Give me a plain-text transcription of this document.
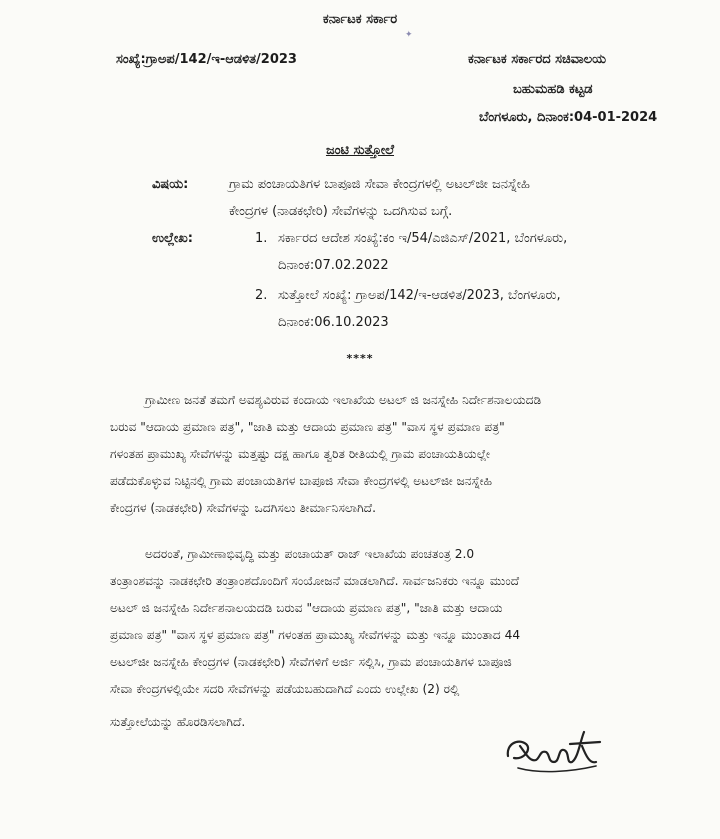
ಕರ್ನಾಟಕ ಸರ್ಕಾರ
✦
ಸಂಖ್ಯೆ:ಗ್ರಾಅಪ/142/ಇ-ಆಡಳಿತ/2023	ಕರ್ನಾಟಕ ಸರ್ಕಾರದ ಸಚಿವಾಲಯ
ಬಹುಮಹಡಿ ಕಟ್ಟಡ
ಬೆಂಗಳೂರು, ದಿನಾಂಕ:04-01-2024
ಜಂಟಿ ಸುತ್ತೋಲೆ
ವಿಷಯ:	ಗ್ರಾಮ ಪಂಚಾಯತಿಗಳ ಬಾಪೂಜಿ ಸೇವಾ ಕೇಂದ್ರಗಳಲ್ಲಿ ಅಟಲ್‌ಜೀ ಜನಸ್ನೇಹಿ
ಕೇಂದ್ರಗಳ (ನಾಡಕಛೇರಿ) ಸೇವೆಗಳನ್ನು ಒದಗಿಸುವ ಬಗ್ಗೆ.
ಉಲ್ಲೇಖ:	1. ಸರ್ಕಾರದ ಆದೇಶ ಸಂಖ್ಯೆ:ಕಂ ಇ/54/ಎಜಿಎಸ್/2021, ಬೆಂಗಳೂರು,
ದಿನಾಂಕ:07.02.2022
2. ಸುತ್ತೋಲೆ ಸಂಖ್ಯೆ: ಗ್ರಾಅಪ/142/ಇ-ಆಡಳಿತ/2023, ಬೆಂಗಳೂರು,
ದಿನಾಂಕ:06.10.2023
****
ಗ್ರಾಮೀಣ ಜನತೆ ತಮಗೆ ಅವಶ್ಯವಿರುವ ಕಂದಾಯ ಇಲಾಖೆಯ ಅಟಲ್ ಜಿ ಜನಸ್ನೇಹಿ ನಿರ್ದೇಶನಾಲಯದಡಿ
ಬರುವ "ಆದಾಯ ಪ್ರಮಾಣ ಪತ್ರ", "ಜಾತಿ ಮತ್ತು ಆದಾಯ ಪ್ರಮಾಣ ಪತ್ರ" "ವಾಸ ಸ್ಥಳ ಪ್ರಮಾಣ ಪತ್ರ"
ಗಳಂತಹ ಪ್ರಾಮುಖ್ಯ ಸೇವೆಗಳನ್ನು ಮತ್ತಷ್ಟು ದಕ್ಷ ಹಾಗೂ ತ್ವರಿತ ರೀತಿಯಲ್ಲಿ ಗ್ರಾಮ ಪಂಚಾಯತಿಯಲ್ಲೇ
ಪಡೆದುಕೊಳ್ಳುವ ನಿಟ್ಟಿನಲ್ಲಿ ಗ್ರಾಮ ಪಂಚಾಯತಿಗಳ ಬಾಪೂಜಿ ಸೇವಾ ಕೇಂದ್ರಗಳಲ್ಲಿ ಅಟಲ್‌ಜೀ ಜನಸ್ನೇಹಿ
ಕೇಂದ್ರಗಳ (ನಾಡಕಛೇರಿ) ಸೇವೆಗಳನ್ನು ಒದಗಿಸಲು ತೀರ್ಮಾನಿಸಲಾಗಿದೆ.
ಅದರಂತೆ, ಗ್ರಾಮೀಣಾಭಿವೃದ್ಧಿ ಮತ್ತು ಪಂಚಾಯತ್ ರಾಜ್ ಇಲಾಖೆಯ ಪಂಚತಂತ್ರ 2.0
ತಂತ್ರಾಂಶವನ್ನು ನಾಡಕಛೇರಿ ತಂತ್ರಾಂಶದೊಂದಿಗೆ ಸಂಯೋಜನೆ ಮಾಡಲಾಗಿದೆ. ಸಾರ್ವಜನಿಕರು ಇನ್ನೂ ಮುಂದೆ
ಅಟಲ್ ಜಿ ಜನಸ್ನೇಹಿ ನಿರ್ದೇಶನಾಲಯದಡಿ ಬರುವ "ಆದಾಯ ಪ್ರಮಾಣ ಪತ್ರ", "ಜಾತಿ ಮತ್ತು ಆದಾಯ
ಪ್ರಮಾಣ ಪತ್ರ" "ವಾಸ ಸ್ಥಳ ಪ್ರಮಾಣ ಪತ್ರ" ಗಳಂತಹ ಪ್ರಾಮುಖ್ಯ ಸೇವೆಗಳನ್ನು ಮತ್ತು ಇನ್ನೂ ಮುಂತಾದ 44
ಅಟಲ್‌ಜೀ ಜನಸ್ನೇಹಿ ಕೇಂದ್ರಗಳ (ನಾಡಕಛೇರಿ) ಸೇವೆಗಳಿಗೆ ಅರ್ಜಿ ಸಲ್ಲಿಸಿ, ಗ್ರಾಮ ಪಂಚಾಯತಿಗಳ ಬಾಪೂಜಿ
ಸೇವಾ ಕೇಂದ್ರಗಳಲ್ಲಿಯೇ ಸದರಿ ಸೇವೆಗಳನ್ನು ಪಡೆಯಬಹುದಾಗಿದೆ ಎಂದು ಉಲ್ಲೇಖ (2) ರಲ್ಲಿ
ಸುತ್ತೋಲೆಯನ್ನು ಹೊರಡಿಸಲಾಗಿದೆ.
